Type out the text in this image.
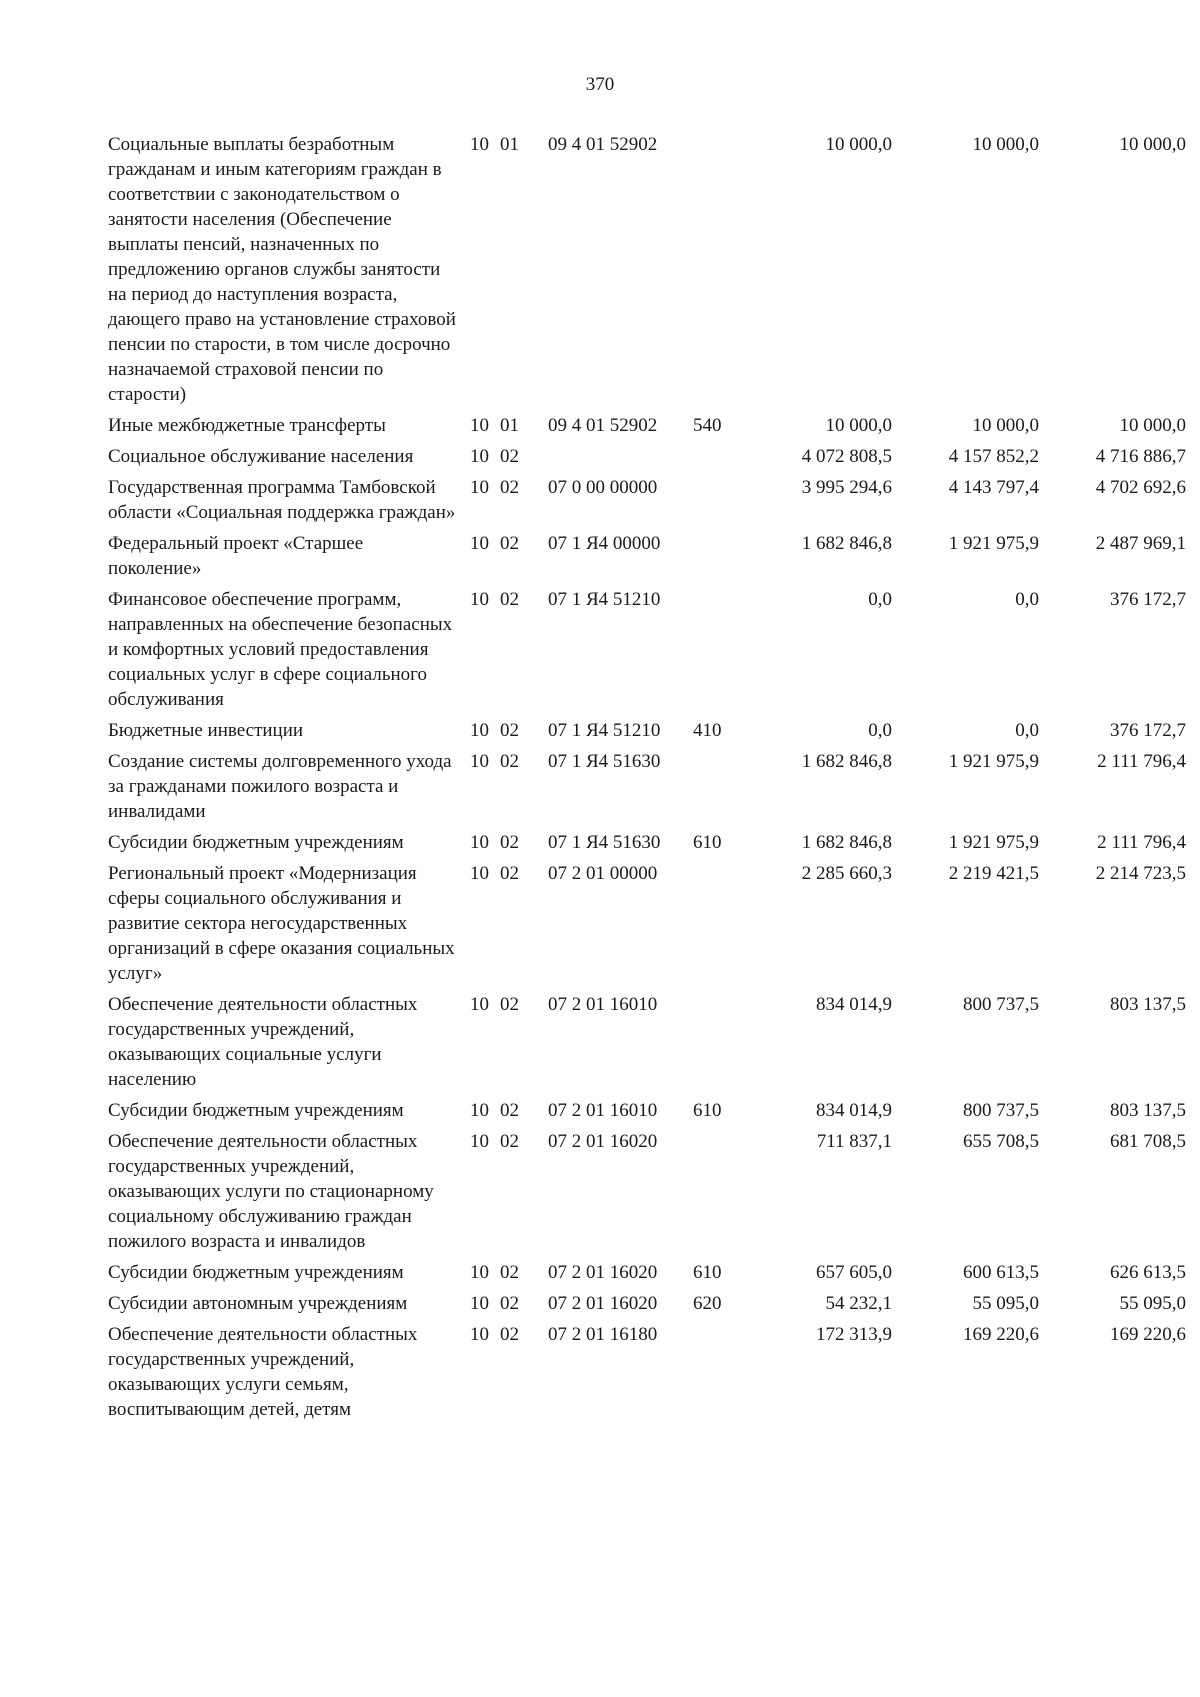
370
Социальные выплаты безработным гражданам и иным категориям граждан в соответствии с законодательством о занятости населения (Обеспечение выплаты пенсий, назначенных по предложению органов службы занятости на период до наступления возраста, дающего право на установление страховой пенсии по старости, в том числе досрочно назначаемой страховой пенсии по старости)	10	01	09 4 01 52902		10 000,0	10 000,0	10 000,0
Иные межбюджетные трансферты	10	01	09 4 01 52902	540	10 000,0	10 000,0	10 000,0
Социальное обслуживание населения	10	02			4 072 808,5	4 157 852,2	4 716 886,7
Государственная программа Тамбовской области «Социальная поддержка граждан»	10	02	07 0 00 00000		3 995 294,6	4 143 797,4	4 702 692,6
Федеральный проект «Старшее поколение»	10	02	07 1 Я4 00000		1 682 846,8	1 921 975,9	2 487 969,1
Финансовое обеспечение программ, направленных на обеспечение безопасных и комфортных условий предоставления социальных услуг в сфере социального обслуживания	10	02	07 1 Я4 51210		0,0	0,0	376 172,7
Бюджетные инвестиции	10	02	07 1 Я4 51210	410	0,0	0,0	376 172,7
Создание системы долговременного ухода за гражданами пожилого возраста и инвалидами	10	02	07 1 Я4 51630		1 682 846,8	1 921 975,9	2 111 796,4
Субсидии бюджетным учреждениям	10	02	07 1 Я4 51630	610	1 682 846,8	1 921 975,9	2 111 796,4
Региональный проект «Модернизация сферы социального обслуживания и развитие сектора негосударственных организаций в сфере оказания социальных услуг»	10	02	07 2 01 00000		2 285 660,3	2 219 421,5	2 214 723,5
Обеспечение деятельности областных государственных учреждений, оказывающих социальные услуги населению	10	02	07 2 01 16010		834 014,9	800 737,5	803 137,5
Субсидии бюджетным учреждениям	10	02	07 2 01 16010	610	834 014,9	800 737,5	803 137,5
Обеспечение деятельности областных государственных учреждений, оказывающих услуги по стационарному социальному обслуживанию граждан пожилого возраста и инвалидов	10	02	07 2 01 16020		711 837,1	655 708,5	681 708,5
Субсидии бюджетным учреждениям	10	02	07 2 01 16020	610	657 605,0	600 613,5	626 613,5
Субсидии автономным учреждениям	10	02	07 2 01 16020	620	54 232,1	55 095,0	55 095,0
Обеспечение деятельности областных государственных учреждений, оказывающих услуги семьям, воспитывающим детей, детям	10	02	07 2 01 16180		172 313,9	169 220,6	169 220,6
